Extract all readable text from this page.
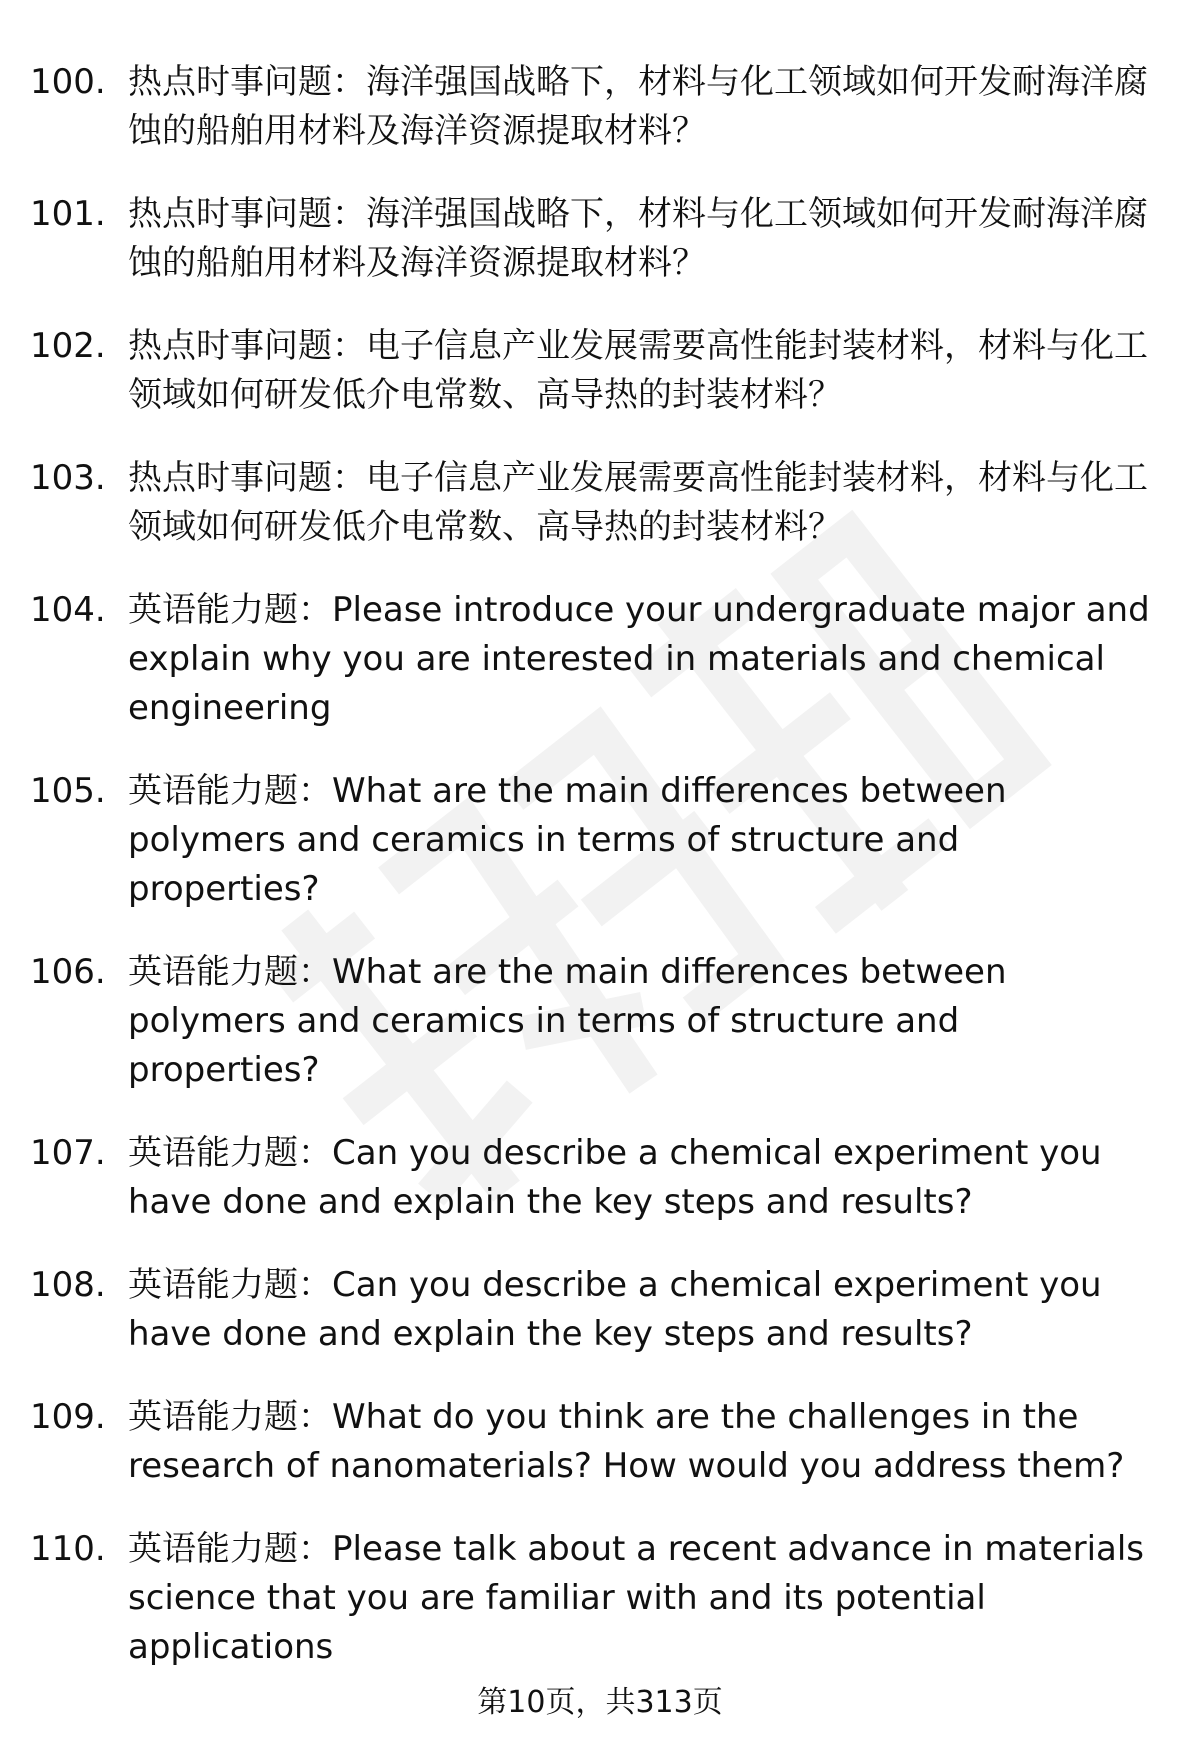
100. 热点时事问题：海洋强国战略下，材料与化工领域如何开发耐海洋腐蚀的船舶用材料及海洋资源提取材料？
101. 热点时事问题：海洋强国战略下，材料与化工领域如何开发耐海洋腐蚀的船舶用材料及海洋资源提取材料？
102. 热点时事问题：电子信息产业发展需要高性能封装材料，材料与化工领域如何研发低介电常数、高导热的封装材料？
103. 热点时事问题：电子信息产业发展需要高性能封装材料，材料与化工领域如何研发低介电常数、高导热的封装材料？
104. 英语能力题：Please introduce your undergraduate major and explain why you are interested in materials and chemical engineering
105. 英语能力题：What are the main differences between polymers and ceramics in terms of structure and properties?
106. 英语能力题：What are the main differences between polymers and ceramics in terms of structure and properties?
107. 英语能力题：Can you describe a chemical experiment you have done and explain the key steps and results?
108. 英语能力题：Can you describe a chemical experiment you have done and explain the key steps and results?
109. 英语能力题：What do you think are the challenges in the research of nanomaterials? How would you address them?
110. 英语能力题：Please talk about a recent advance in materials science that you are familiar with and its potential applications
第10页，共313页
